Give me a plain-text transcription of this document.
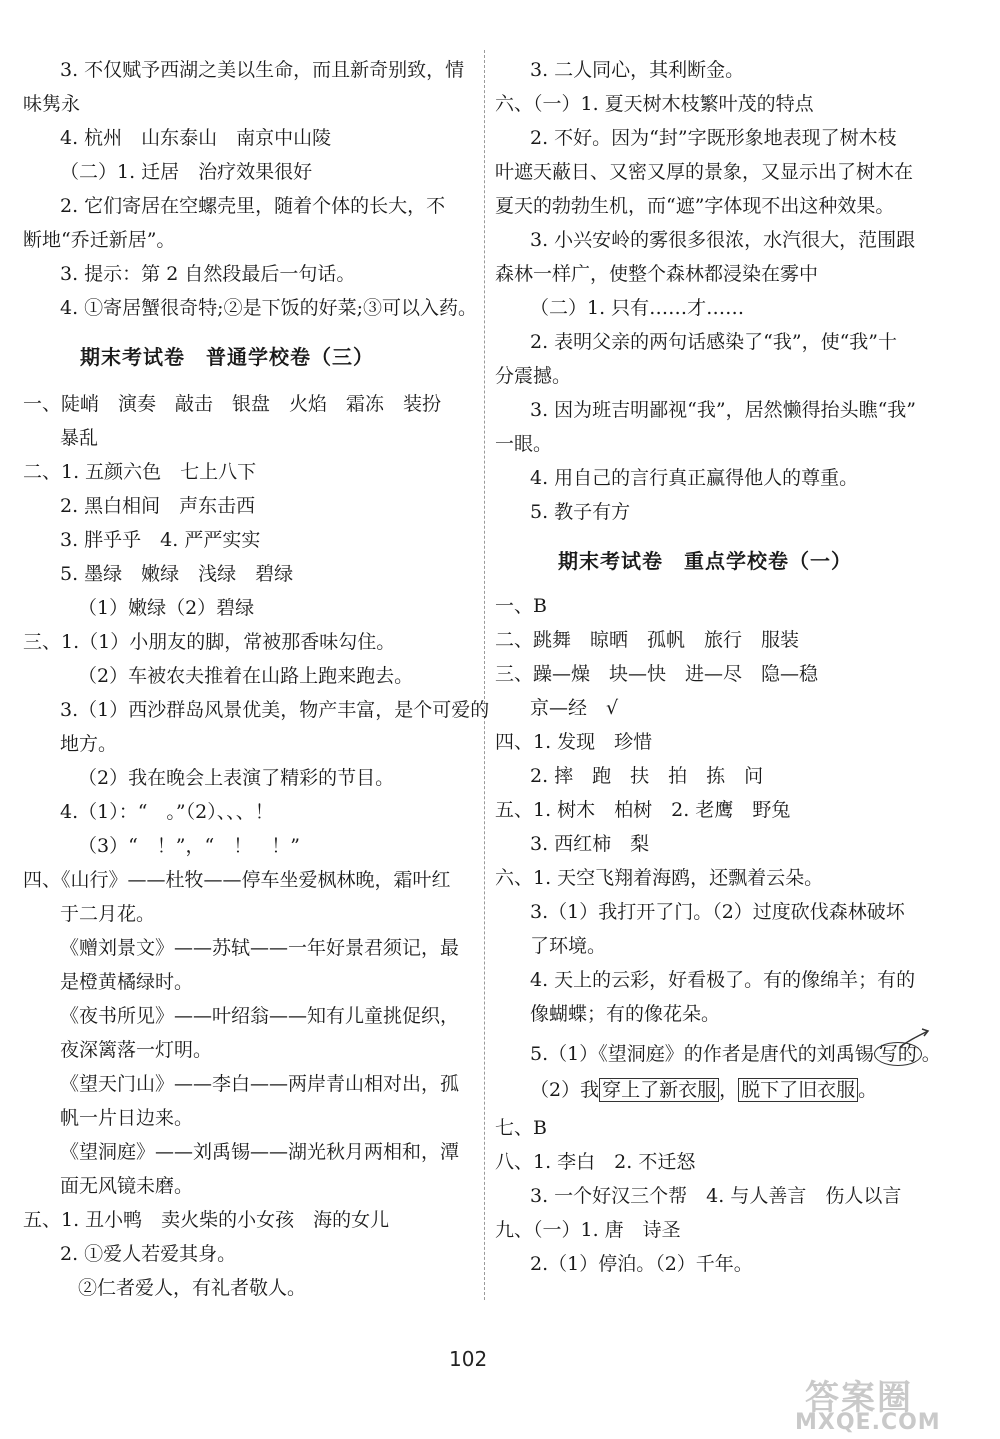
3. 不仅赋予西湖之美以生命，而且新奇别致，情
味隽永
4. 杭州　山东泰山　南京中山陵
（二）1. 迁居　治疗效果很好
2. 它们寄居在空螺壳里，随着个体的长大，不
断地“乔迁新居”。
3. 提示：第 2 自然段最后一句话。
4. ①寄居蟹很奇特;②是下饭的好菜;③可以入药。
期末考试卷　普通学校卷（三）
一、陡峭　演奏　敲击　银盘　火焰　霜冻　装扮
暴乱
二、1. 五颜六色　七上八下
2. 黑白相间　声东击西
3. 胖乎乎　4. 严严实实
5. 墨绿　嫩绿　浅绿　碧绿
（1）嫩绿（2）碧绿
三、1.（1）小朋友的脚，常被那香味勾住。
（2）车被农夫推着在山路上跑来跑去。
3.（1）西沙群岛风景优美，物产丰富，是个可爱的
地方。
（2）我在晚会上表演了精彩的节目。
4.（1）：“　。”（2）、、、！
（3）“　！”，“　！　！”
四、《山行》——杜牧——停车坐爱枫林晚，霜叶红
于二月花。
《赠刘景文》——苏轼——一年好景君须记，最
是橙黄橘绿时。
《夜书所见》——叶绍翁——知有儿童挑促织，
夜深篱落一灯明。
《望天门山》——李白——两岸青山相对出，孤
帆一片日边来。
《望洞庭》——刘禹锡——湖光秋月两相和，潭
面无风镜未磨。
五、1. 丑小鸭　卖火柴的小女孩　海的女儿
2. ①爱人若爱其身。
②仁者爱人，有礼者敬人。
3. 二人同心，其利断金。
六、（一）1. 夏天树木枝繁叶茂的特点
2. 不好。因为“封”字既形象地表现了树木枝
叶遮天蔽日、又密又厚的景象，又显示出了树木在
夏天的勃勃生机，而“遮”字体现不出这种效果。
3. 小兴安岭的雾很多很浓，水汽很大，范围跟
森林一样广，使整个森林都浸染在雾中
（二）1. 只有……才……
2. 表明父亲的两句话感染了“我”，使“我”十
分震撼。
3. 因为班吉明鄙视“我”，居然懒得抬头瞧“我”
一眼。
4. 用自己的言行真正赢得他人的尊重。
5. 教子有方
期末考试卷　重点学校卷（一）
一、B
二、跳舞　晾晒　孤帆　旅行　服装
三、躁—燥　块—快　进—尽　隐—稳
京—经　√
四、1. 发现　珍惜
2. 摔　跑　扶　拍　拣　问
五、1. 树木　柏树　2. 老鹰　野兔
3. 西红柿　梨
六、1. 天空飞翔着海鸥，还飘着云朵。
3.（1）我打开了门。（2）过度砍伐森林破坏
了环境。
4. 天上的云彩，好看极了。有的像绵羊；有的
像蝴蝶；有的像花朵。
5.（1）《望洞庭》的作者是唐代的刘禹锡 写的 。
（2）我 穿上了新衣服 ， 脱下了旧衣服 。
七、B
八、1. 李白　2. 不迁怒
3. 一个好汉三个帮　4. 与人善言　伤人以言
九、（一）1. 唐　诗圣
2.（1）停泊。（2）千年。
102
答案圈
MXQE.COM
